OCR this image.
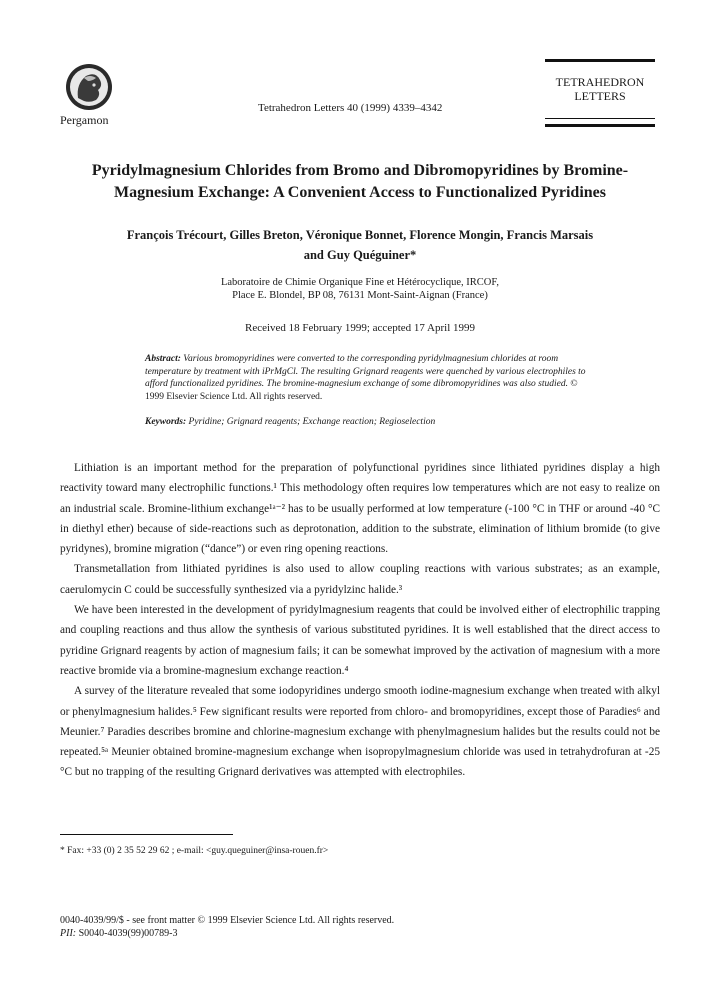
Pergamon
Tetrahedron Letters 40 (1999) 4339–4342
TETRAHEDRON
LETTERS
Pyridylmagnesium Chlorides from Bromo and Dibromopyridines by Bromine-
Magnesium Exchange: A Convenient Access to Functionalized Pyridines
François Trécourt, Gilles Breton, Véronique Bonnet, Florence Mongin, Francis Marsais
and Guy Quéguiner*
Laboratoire de Chimie Organique Fine et Hétérocyclique, IRCOF,
Place E. Blondel, BP 08, 76131 Mont-Saint-Aignan (France)
Received 18 February 1999; accepted 17 April 1999
Abstract: Various bromopyridines were converted to the corresponding pyridylmagnesium chlorides at room temperature by treatment with iPrMgCl. The resulting Grignard reagents were quenched by various electrophiles to afford functionalized pyridines. The bromine-magnesium exchange of some dibromopyridines was also studied. © 1999 Elsevier Science Ltd. All rights reserved.
Keywords: Pyridine; Grignard reagents; Exchange reaction; Regioselection

Lithiation is an important method for the preparation of polyfunctional pyridines since lithiated pyridines display a high reactivity toward many electrophilic functions.¹ This methodology often requires low temperatures which are not easy to realize on an industrial scale. Bromine-lithium exchange¹ᵃ⁻² has to be usually performed at low temperature (-100 °C in THF or around -40 °C in diethyl ether) because of side-reactions such as deprotonation, addition to the substrate, elimination of lithium bromide (to give pyridynes), bromine migration (“dance”) or even ring opening reactions.

Transmetallation from lithiated pyridines is also used to allow coupling reactions with various substrates; as an example, caerulomycin C could be successfully synthesized via a pyridylzinc halide.³

We have been interested in the development of pyridylmagnesium reagents that could be involved either of electrophilic trapping and coupling reactions and thus allow the synthesis of various substituted pyridines. It is well established that the direct access to pyridine Grignard reagents by action of magnesium fails; it can be somewhat improved by the activation of magnesium with a more reactive bromide via a bromine-magnesium exchange reaction.⁴

A survey of the literature revealed that some iodopyridines undergo smooth iodine-magnesium exchange when treated with alkyl or phenylmagnesium halides.⁵ Few significant results were reported from chloro- and bromopyridines, except those of Paradies⁶ and Meunier.⁷ Paradies describes bromine and chlorine-magnesium exchange with phenylmagnesium halides but the results could not be repeated.⁵ᵃ Meunier obtained bromine-magnesium exchange when isopropylmagnesium chloride was used in tetrahydrofuran at -25 °C but no trapping of the resulting Grignard derivatives was attempted with electrophiles.

* Fax: +33 (0) 2 35 52 29 62 ; e-mail: <guy.queguiner@insa-rouen.fr>
0040-4039/99/$ - see front matter © 1999 Elsevier Science Ltd. All rights reserved.
PII: S0040-4039(99)00789-3
